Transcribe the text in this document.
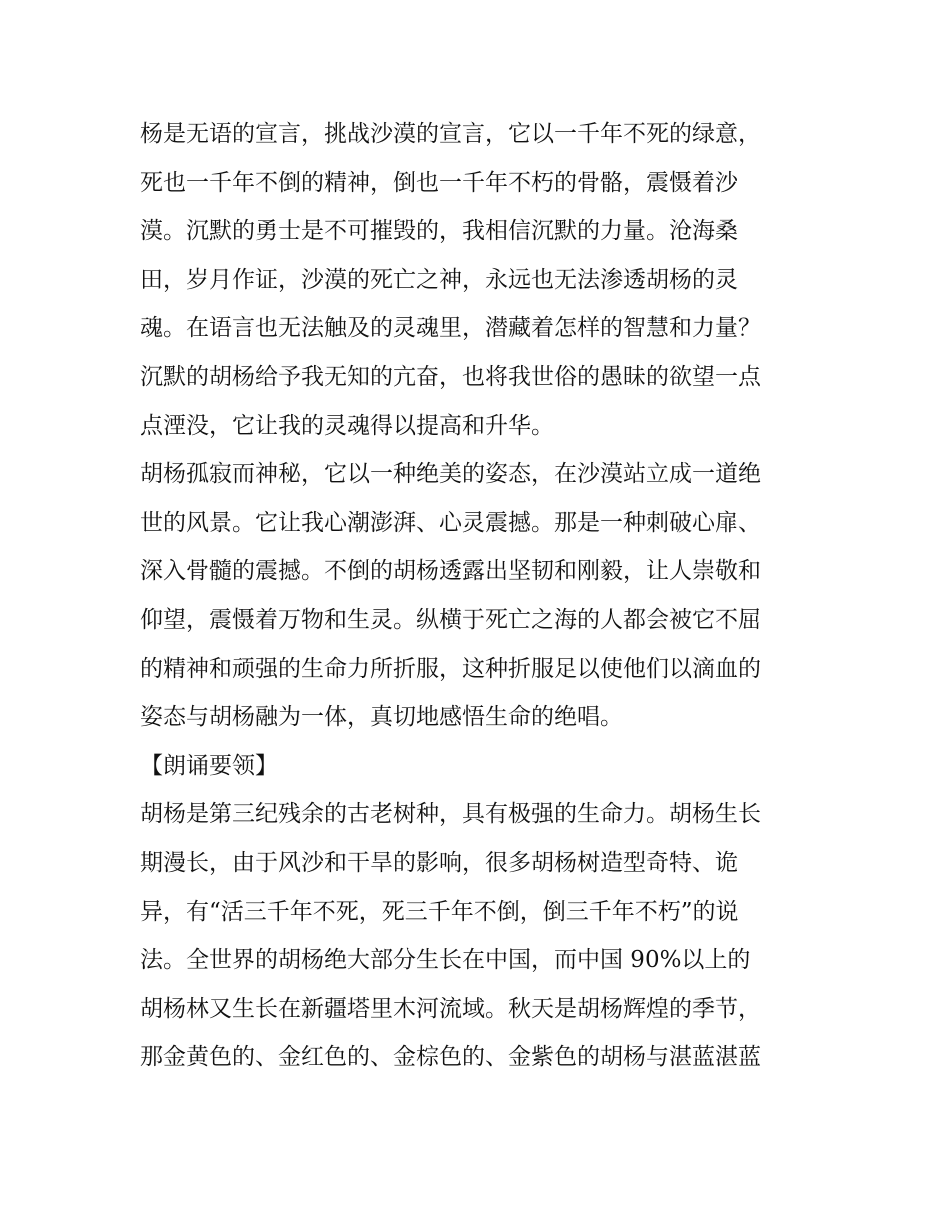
杨是无语的宣言，挑战沙漠的宣言，它以一千年不死的绿意，
死也一千年不倒的精神，倒也一千年不朽的骨骼，震慑着沙
漠。沉默的勇士是不可摧毁的，我相信沉默的力量。沧海桑
田，岁月作证，沙漠的死亡之神，永远也无法渗透胡杨的灵
魂。在语言也无法触及的灵魂里，潜藏着怎样的智慧和力量？
沉默的胡杨给予我无知的亢奋，也将我世俗的愚昧的欲望一点
点湮没，它让我的灵魂得以提高和升华。
胡杨孤寂而神秘，它以一种绝美的姿态，在沙漠站立成一道绝
世的风景。它让我心潮澎湃、心灵震撼。那是一种刺破心扉、
深入骨髓的震撼。不倒的胡杨透露出坚韧和刚毅，让人崇敬和
仰望，震慑着万物和生灵。纵横于死亡之海的人都会被它不屈
的精神和顽强的生命力所折服，这种折服足以使他们以滴血的
姿态与胡杨融为一体，真切地感悟生命的绝唱。
【朗诵要领】
胡杨是第三纪残余的古老树种，具有极强的生命力。胡杨生长
期漫长，由于风沙和干旱的影响，很多胡杨树造型奇特、诡
异，有“活三千年不死，死三千年不倒，倒三千年不朽”的说
法。全世界的胡杨绝大部分生长在中国，而中国 90%以上的
胡杨林又生长在新疆塔里木河流域。秋天是胡杨辉煌的季节，
那金黄色的、金红色的、金棕色的、金紫色的胡杨与湛蓝湛蓝
